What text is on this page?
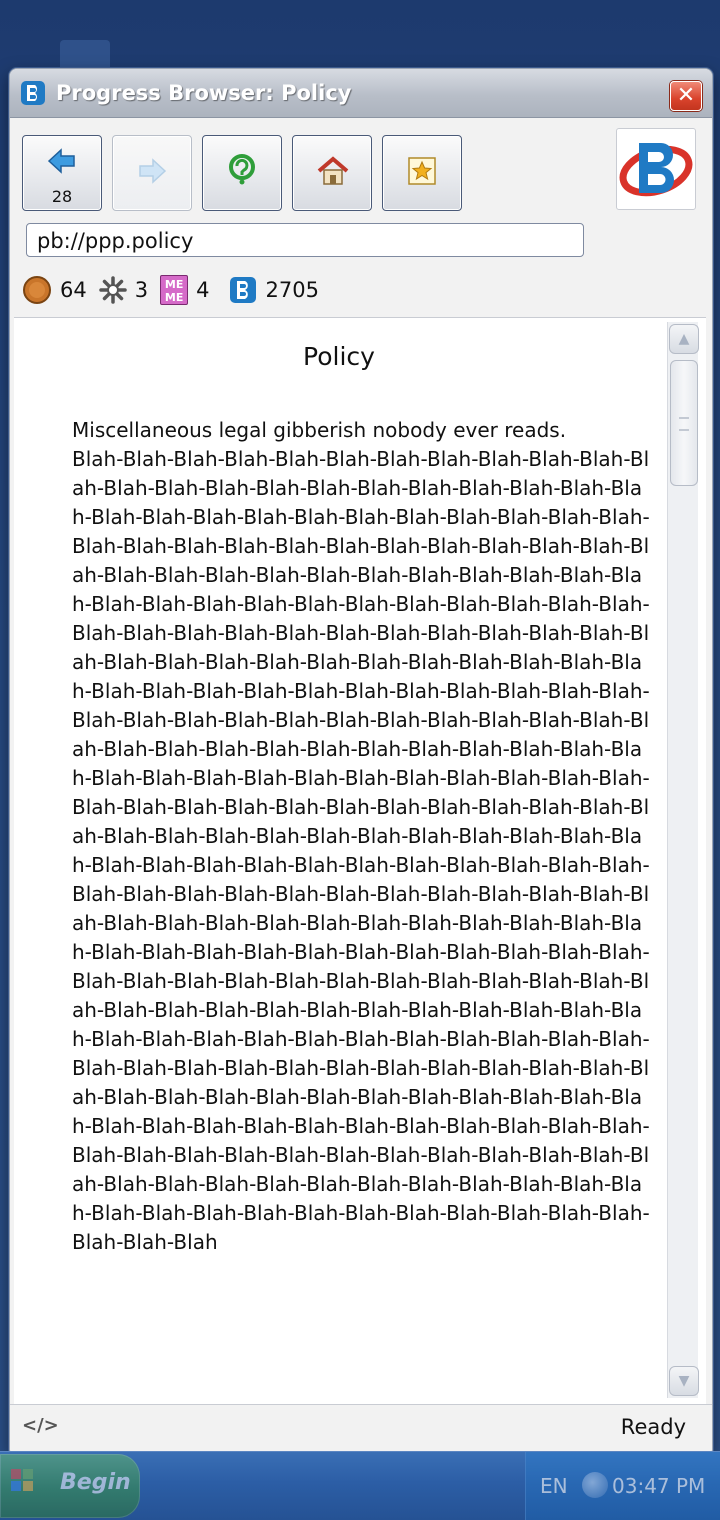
Progress Browser: Policy	✕
28
pb://ppp.policy
64 3	ME ME 4	2705
Policy
Miscellaneous legal gibberish nobody ever reads.
Blah-Blah-Blah-Blah-Blah-Blah-Blah-Blah-Blah-Blah-Blah-Blah-Blah-Blah-Blah-Blah-Blah-Blah-Blah-Blah-Blah-Blah-Blah-Blah-Blah-Blah-Blah-Blah-Blah-Blah-Blah-Blah-Blah-Blah-Blah-Blah-Blah-Blah-Blah-Blah-Blah-Blah-Blah-Blah-Blah-Blah-Blah-Blah-Blah-Blah-Blah-Blah-Blah-Blah-Blah-Blah-Blah-Blah-Blah-Blah-Blah-Blah-Blah-Blah-Blah-Blah-Blah-Blah-Blah-Blah-Blah-Blah-Blah-Blah-Blah-Blah-Blah-Blah-Blah-Blah-Blah-Blah-Blah-Blah-Blah-Blah-Blah-Blah-Blah-Blah-Blah-Blah-Blah-Blah-Blah-Blah-Blah-Blah-Blah-Blah-Blah-Blah-Blah-Blah-Blah-Blah-Blah-Blah-Blah-Blah-Blah-Blah-Blah-Blah-Blah-Blah-Blah-Blah-Blah-Blah-Blah-Blah-Blah-Blah-Blah-Blah-Blah-Blah-Blah-Blah-Blah-Blah-Blah-Blah-Blah-Blah-Blah-Blah-Blah-Blah-Blah-Blah-Blah-Blah-Blah-Blah-Blah-Blah-Blah-Blah-Blah-Blah-Blah-Blah-Blah-Blah-Blah-Blah-Blah-Blah-Blah-Blah-Blah-Blah-Blah-Blah-Blah-Blah-Blah-Blah-Blah-Blah-Blah-Blah-Blah-Blah-Blah-Blah-Blah-Blah-Blah-Blah-Blah-Blah-Blah-Blah-Blah-Blah-Blah-Blah-Blah-Blah-Blah-Blah-Blah-Blah-Blah-Blah-Blah-Blah-Blah-Blah-Blah-Blah-Blah-Blah-Blah-Blah-Blah-Blah-Blah-Blah-Blah-Blah-Blah-Blah-Blah-Blah-Blah-Blah-Blah-Blah-Blah-Blah-Blah-Blah-Blah-Blah-Blah-Blah-Blah-Blah-Blah-Blah-Blah-Blah-Blah-Blah-Blah-Blah-Blah-Blah-Blah-Blah-Blah-Blah-Blah-Blah-Blah-Blah-Blah-Blah-Blah-Blah-Blah-Blah-Blah-Blah-Blah-Blah-Blah-Blah-Blah-Blah-Blah-Blah-Blah-Blah-Blah-Blah-Blah-Blah-Blah-Blah-Blah-Blah-Blah-Blah-Blah-Blah-Blah-Blah-Blah-Blah-Blah-Blah-Blah-Blah-Blah-Blah-Blah-Blah-Blah-Blah-Blah-Blah-Blah-Blah-Blah-Blah-Blah-Blah-Blah-Blah-Blah-Blah-Blah-Blah-Blah
▲
▼
</>	Ready
Begin	EN 03:47 PM
